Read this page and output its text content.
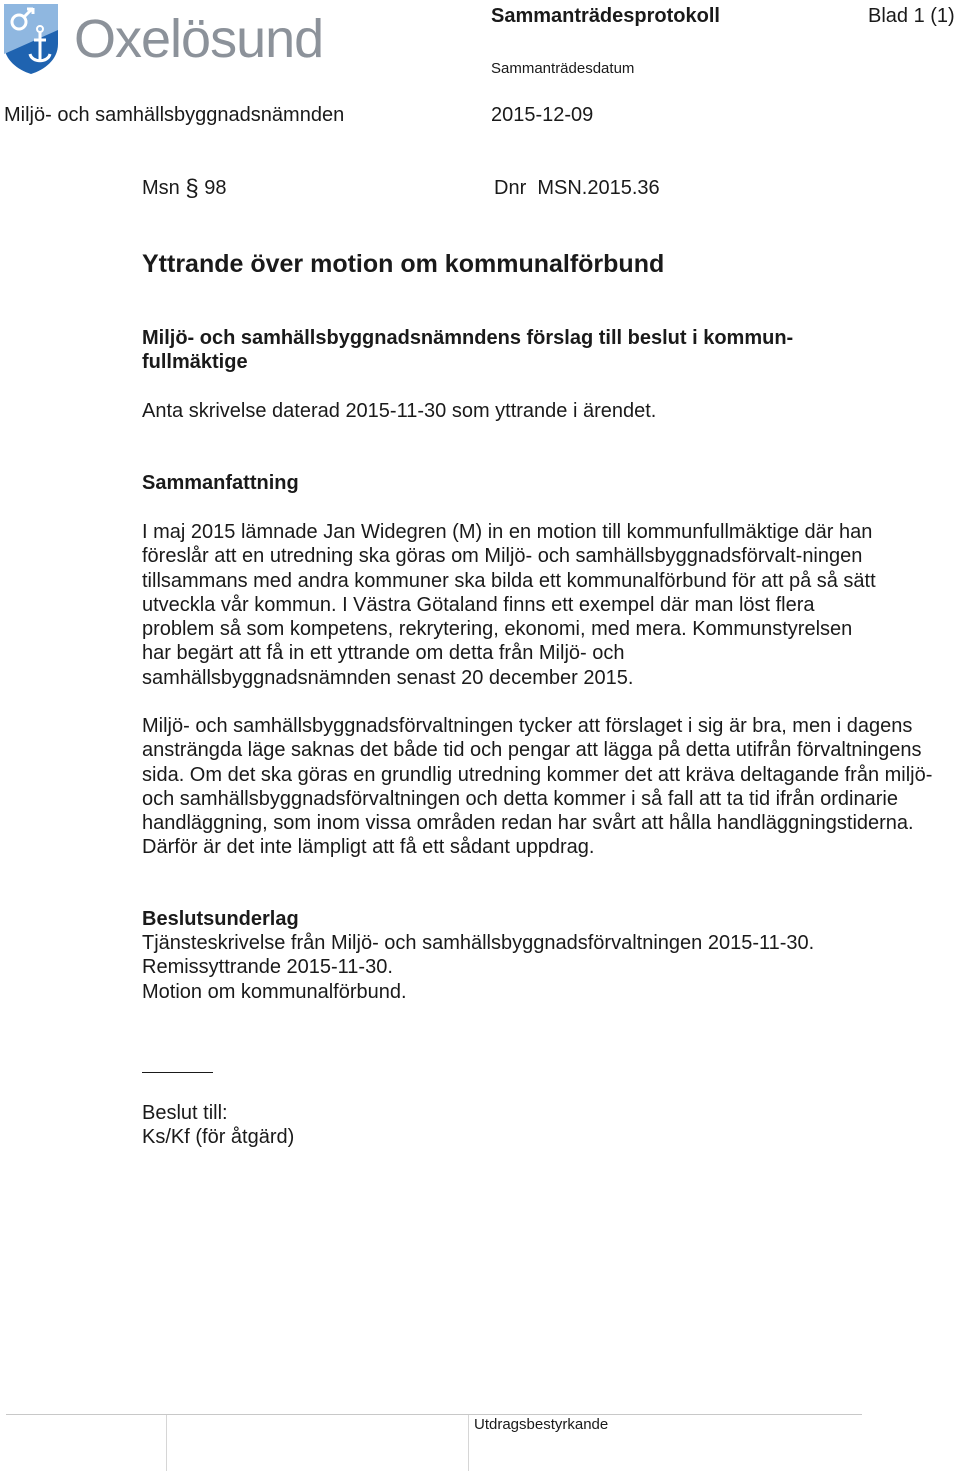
Oxelösund	Sammanträdesprotokoll	Blad 1 (1)
Sammanträdesdatum
Miljö- och samhällsbyggnadsnämnden	2015-12-09
Msn § 98	Dnr MSN.2015.36
Yttrande över motion om kommunalförbund
Miljö- och samhällsbyggnadsnämndens förslag till beslut i kommun-fullmäktige
Anta skrivelse daterad 2015-11-30 som yttrande i ärendet.
Sammanfattning
I maj 2015 lämnade Jan Widegren (M) in en motion till kommunfullmäktige där han föreslår att en utredning ska göras om Miljö- och samhällsbyggnadsförvalt-ningen tillsammans med andra kommuner ska bilda ett kommunalförbund för att på så sätt utveckla vår kommun. I Västra Götaland finns ett exempel där man löst flera problem så som kompetens, rekrytering, ekonomi, med mera. Kommunstyrelsen har begärt att få in ett yttrande om detta från Miljö- och samhällsbyggnadsnämnden senast 20 december 2015.
Miljö- och samhällsbyggnadsförvaltningen tycker att förslaget i sig är bra, men i dagens ansträngda läge saknas det både tid och pengar att lägga på detta utifrån förvaltningens sida. Om det ska göras en grundlig utredning kommer det att kräva deltagande från miljö- och samhällsbyggnadsförvaltningen och detta kommer i så fall att ta tid ifrån ordinarie handläggning, som inom vissa områden redan har svårt att hålla handläggningstiderna. Därför är det inte lämpligt att få ett sådant uppdrag.
Beslutsunderlag
Tjänsteskrivelse från Miljö- och samhällsbyggnadsförvaltningen 2015-11-30.
Remissyttrande 2015-11-30.
Motion om kommunalförbund.
Beslut till:
Ks/Kf (för åtgärd)
Utdragsbestyrkande
